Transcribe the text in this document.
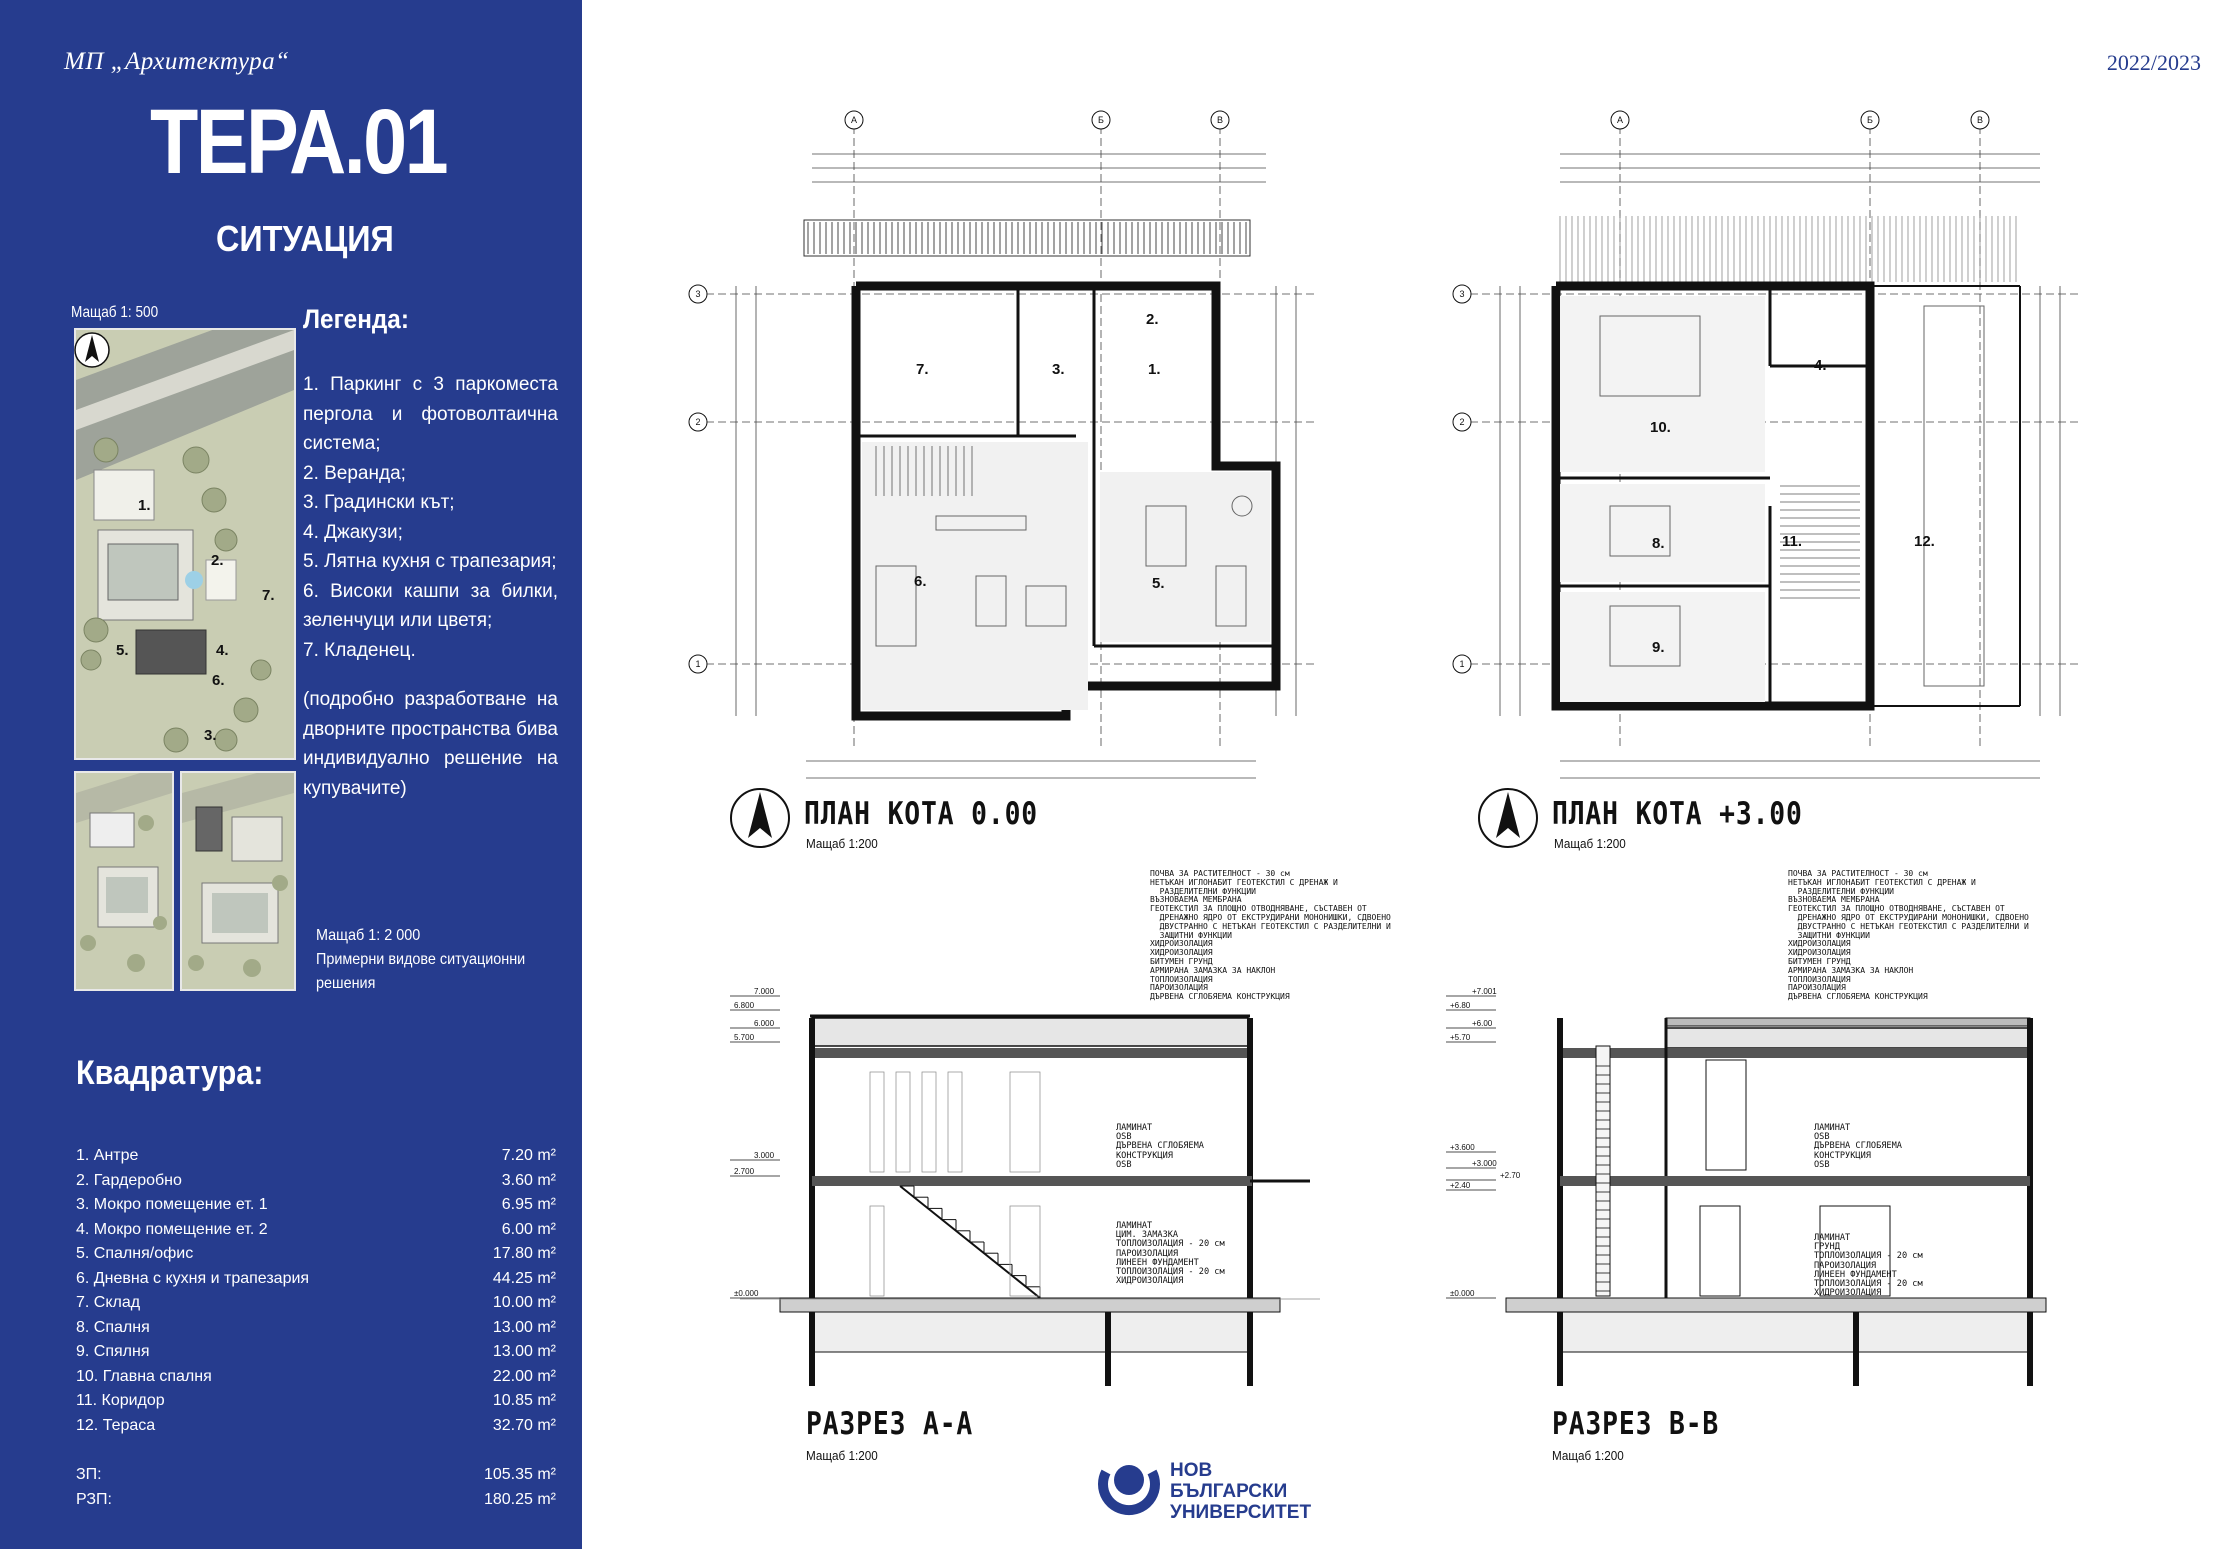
МП „Архитектура“
ТЕРА.01
СИТУАЦИЯ
Мащаб 1: 500
1.
2.
7.
5.	4.
6.
3.
Легенда:
1. Паркинг с 3 паркоместа пергола и фотоволтаична система;
2. Веранда;
3. Градински кът;
4. Джакузи;
5. Лятна кухня с трапезария;
6. Високи кашпи за билки, зеленчуци или цветя;
7. Кладенец.
(подробно разработване на дворните пространства бива индивидуално решение на купувачите)
Мащаб 1: 2 000
Примерни видове ситуационни решения
Квадратура:
1. Антре	7.20 m²
2. Гардеробно	3.60 m²
3. Мокро помещение ет. 1	6.95 m²
4. Мокро помещение ет. 2	6.00 m²
5. Спалня/офис	17.80 m²
6. Дневна с кухня и трапезария	44.25 m²
7. Склад	10.00 m²
8. Спалня	13.00 m²
9. Спялня	13.00 m²
10. Главна спалня	22.00 m²
11. Коридор	10.85 m²
12. Тераса	32.70 m²
ЗП:	105.35 m²
РЗП:	180.25 m²
2022/2023
А	Б	В
3
2
1
1.
2.
3.
5.
6.
7.
ПЛАН КОТА 0.00
Мащаб 1:200
А	Б	В
3
2
1
4.
8.
9.
10.
11.	12.
ПЛАН КОТА +3.00
Мащаб 1:200
ПОЧВА ЗА РАСТИТЕЛНОСТ - 30 см
НЕТЪКАН ИГЛОНАБИТ ГЕОТЕКСТИЛ С ДРЕНАЖ И
РАЗДЕЛИТЕЛНИ ФУНКЦИИ
ВЪЗНОВАЕМА МЕМБРАНА
ГЕОТЕКСТИЛ ЗА ПЛОЩНО ОТВОДНЯВАНЕ, СЪСТАВЕН ОТ
ДРЕНАЖНО ЯДРО ОТ ЕКСТРУДИРАНИ МОНОНИШКИ, СДВОЕНО
ДВУСТРАННО С НЕТЪКАН ГЕОТЕКСТИЛ С РАЗДЕЛИТЕЛНИ И
ЗАЩИТНИ ФУНКЦИИ
ХИДРОИЗОЛАЦИЯ
ХИДРОИЗОЛАЦИЯ
БИТУМЕН ГРУНД
АРМИРАНА ЗАМАЗКА ЗА НАКЛОН
ТОПЛОИЗОЛАЦИЯ
ПАРОИЗОЛАЦИЯ
ДЪРВЕНА СГЛОБЯЕМА КОНСТРУКЦИЯ
7.000
6.800
6.000
5.700
3.000
2.700
±0.000
ЛАМИНАТ
OSB
ДЪРВЕНА СГЛОБЯЕМА
КОНСТРУКЦИЯ
OSB
ЛАМИНАТ
ЦИМ. ЗАМАЗКА
ТОПЛОИЗОЛАЦИЯ - 20 см
ПАРОИЗОЛАЦИЯ
ЛИНЕЕН ФУНДАМЕНТ
ТОПЛОИЗОЛАЦИЯ - 20 см
ХИДРОИЗОЛАЦИЯ
РАЗРЕЗ А-А
Мащаб 1:200
ПОЧВА ЗА РАСТИТЕЛНОСТ - 30 см
НЕТЪКАН ИГЛОНАБИТ ГЕОТЕКСТИЛ С ДРЕНАЖ И
РАЗДЕЛИТЕЛНИ ФУНКЦИИ
ВЪЗНОВАЕМА МЕМБРАНА
ГЕОТЕКСТИЛ ЗА ПЛОЩНО ОТВОДНЯВАНЕ, СЪСТАВЕН ОТ
ДРЕНАЖНО ЯДРО ОТ ЕКСТРУДИРАНИ МОНОНИШКИ, СДВОЕНО
ДВУСТРАННО С НЕТЪКАН ГЕОТЕКСТИЛ С РАЗДЕЛИТЕЛНИ И
ЗАЩИТНИ ФУНКЦИИ
ХИДРОИЗОЛАЦИЯ
ХИДРОИЗОЛАЦИЯ
БИТУМЕН ГРУНД
АРМИРАНА ЗАМАЗКА ЗА НАКЛОН
ТОПЛОИЗОЛАЦИЯ
ПАРОИЗОЛАЦИЯ
ДЪРВЕНА СГЛОБЯЕМА КОНСТРУКЦИЯ
+7.001
+6.80
+6.00
+5.70
+3.600
+3.000
+2.70
+2.40
±0.000
ЛАМИНАТ
OSB
ДЪРВЕНА СГЛОБЯЕМА
КОНСТРУКЦИЯ
OSB
ЛАМИНАТ
ГРУНД
ТОПЛОИЗОЛАЦИЯ - 20 см
ПАРОИЗОЛАЦИЯ
ЛИНЕЕН ФУНДАМЕНТ
ТОПЛОИЗОЛАЦИЯ - 20 см
ХИДРОИЗОЛАЦИЯ
РАЗРЕЗ В-В
Мащаб 1:200
НОВ
БЪЛГАРСКИ
УНИВЕРСИТЕТ
